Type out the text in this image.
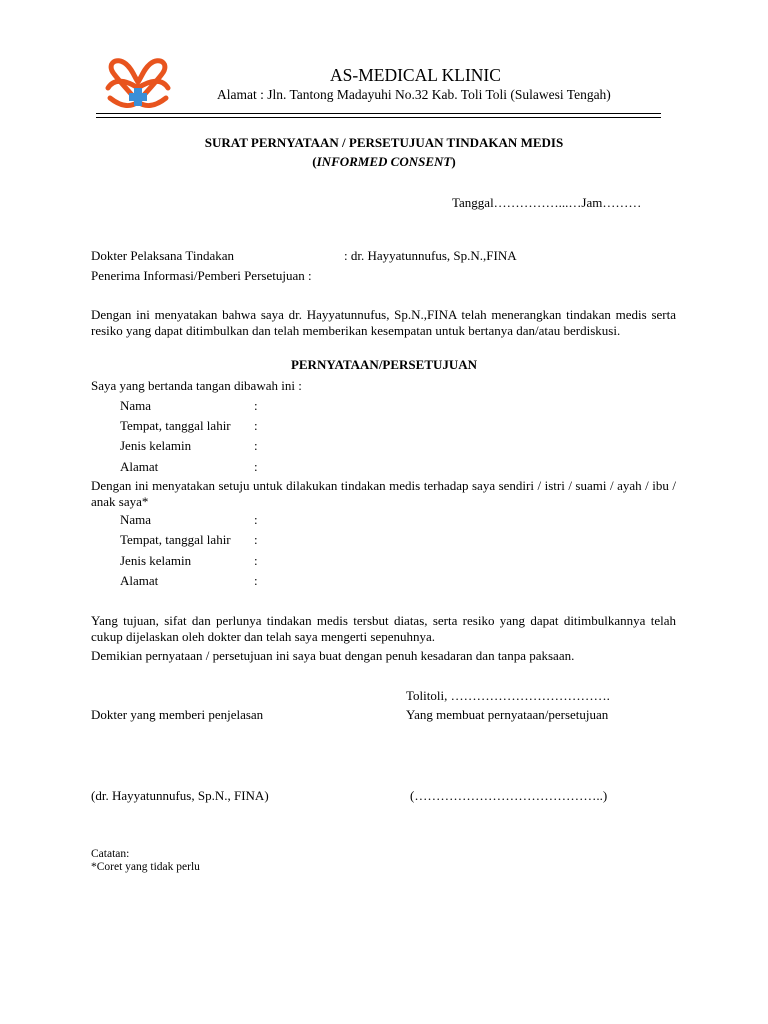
AS-MEDICAL KLINIC
Alamat : Jln. Tantong Madayuhi No.32 Kab. Toli Toli (Sulawesi Tengah)
SURAT PERNYATAAN / PERSETUJUAN TINDAKAN MEDIS
(INFORMED CONSENT)
Tanggal……………...…Jam………
Dokter Pelaksana Tindakan	: dr. Hayyatunnufus, Sp.N.,FINA
Penerima Informasi/Pemberi Persetujuan :
Dengan ini menyatakan bahwa saya dr. Hayyatunnufus, Sp.N.,FINA telah menerangkan tindakan medis serta resiko yang dapat ditimbulkan dan telah memberikan kesempatan untuk bertanya dan/atau berdiskusi.
PERNYATAAN/PERSETUJUAN
Saya yang bertanda tangan dibawah ini :
Nama	:
Tempat, tanggal lahir :
Jenis kelamin	:
Alamat	:
Dengan ini menyatakan setuju untuk dilakukan tindakan medis terhadap saya sendiri / istri / suami / ayah / ibu / anak saya*
Nama	:
Tempat, tanggal lahir :
Jenis kelamin	:
Alamat	:
Yang tujuan, sifat dan perlunya tindakan medis tersbut diatas, serta resiko yang dapat ditimbulkannya telah cukup dijelaskan oleh dokter dan telah saya mengerti sepenuhnya.
Demikian pernyataan / persetujuan ini saya buat dengan penuh kesadaran dan tanpa paksaan.
Tolitoli, ……………………………….
Dokter yang memberi penjelasan	Yang membuat pernyataan/persetujuan
(dr. Hayyatunnufus, Sp.N., FINA)	(……………………………………..)
Catatan:
*Coret yang tidak perlu
